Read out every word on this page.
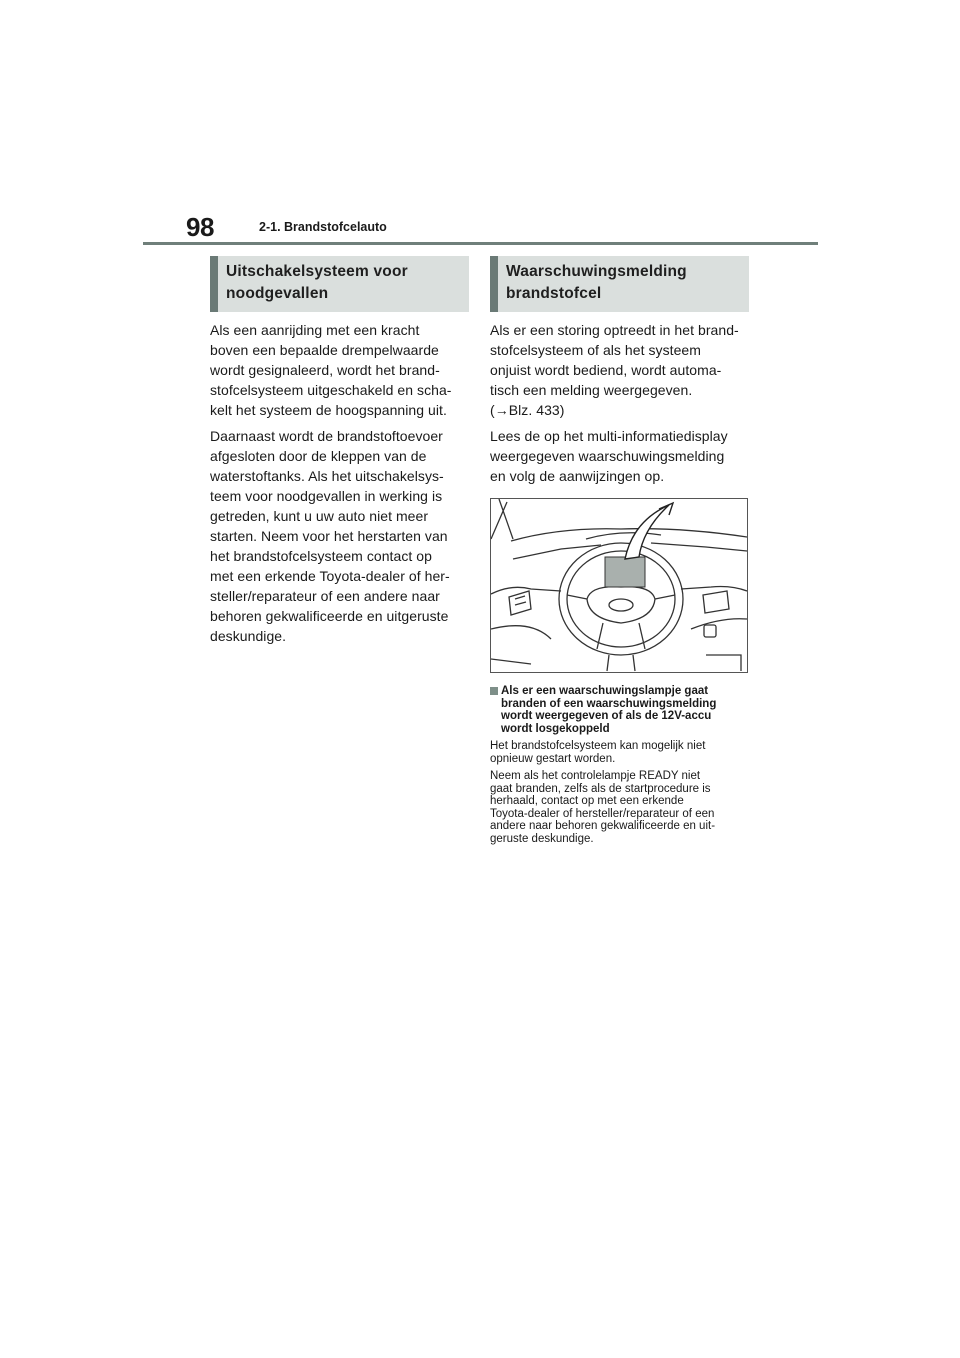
98	2-1. Brandstofcelauto
Uitschakelsysteem voor
noodgevallen

Als een aanrijding met een kracht
boven een bepaalde drempelwaarde
wordt gesignaleerd, wordt het brand-
stofcelsysteem uitgeschakeld en scha-
kelt het systeem de hoogspanning uit.

Daarnaast wordt de brandstoftoevoer
afgesloten door de kleppen van de
waterstoftanks. Als het uitschakelsys-
teem voor noodgevallen in werking is
getreden, kunt u uw auto niet meer
starten. Neem voor het herstarten van
het brandstofcelsysteem contact op
met een erkende Toyota-dealer of her-
steller/reparateur of een andere naar
behoren gekwalificeerde en uitgeruste
deskundige.

Waarschuwingsmelding
brandstofcel

Als er een storing optreedt in het brand-
stofcelsysteem of als het systeem
onjuist wordt bediend, wordt automa-
tisch een melding weergegeven.
(→Blz. 433)

Lees de op het multi-informatiedisplay
weergegeven waarschuwingsmelding
en volg de aanwijzingen op.

Als er een waarschuwingslampje gaat
branden of een waarschuwingsmelding
wordt weergegeven of als de 12V-accu
wordt losgekoppeld

Het brandstofcelsysteem kan mogelijk niet
opnieuw gestart worden.

Neem als het controlelampje READY niet
gaat branden, zelfs als de startprocedure is
herhaald, contact op met een erkende
Toyota-dealer of hersteller/reparateur of een
andere naar behoren gekwalificeerde en uit-
geruste deskundige.
